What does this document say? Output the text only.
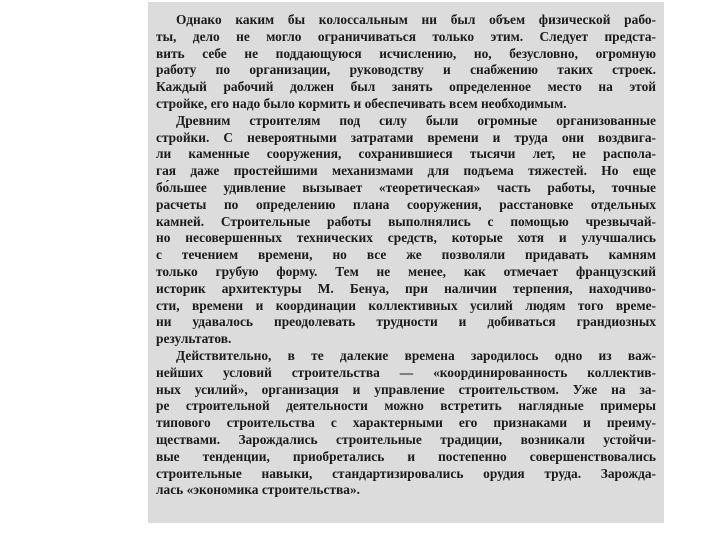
Однако каким бы колоссальным ни был объем физической рабо-
ты, дело не могло ограничиваться только этим. Следует предста-
вить себе не поддающуюся исчислению, но, безусловно, огромную
работу по организации, руководству и снабжению таких строек.
Каждый рабочий должен был занять определенное место на этой
стройке, его надо было кормить и обеспечивать всем необходимым.
Древним строителям под силу были огромные организованные
стройки. С невероятными затратами времени и труда они воздвига-
ли каменные сооружения, сохранившиеся тысячи лет, не распола-
гая даже простейшими механизмами для подъема тяжестей. Но еще
бо́льшее удивление вызывает «теоретическая» часть работы, точные
расчеты по определению плана сооружения, расстановке отдельных
камней. Строительные работы выполнялись с помощью чрезвычай-
но несовершенных технических средств, которые хотя и улучшались
с течением времени, но все же позволяли придавать камням
только грубую форму. Тем не менее, как отмечает французский
историк архитектуры М. Бенуа, при наличии терпения, находчиво-
сти, времени и координации коллективных усилий людям того време-
ни удавалось преодолевать трудности и добиваться грандиозных
результатов.
Действительно, в те далекие времена зародилось одно из важ-
нейших условий строительства — «координированность коллектив-
ных усилий», организация и управление строительством. Уже на за-
ре строительной деятельности можно встретить наглядные примеры
типового строительства с характерными его признаками и преиму-
ществами. Зарождались строительные традиции, возникали устойчи-
вые тенденции, приобретались и постепенно совершенствовались
строительные навыки, стандартизировались орудия труда. Зарожда-
лась «экономика строительства».
